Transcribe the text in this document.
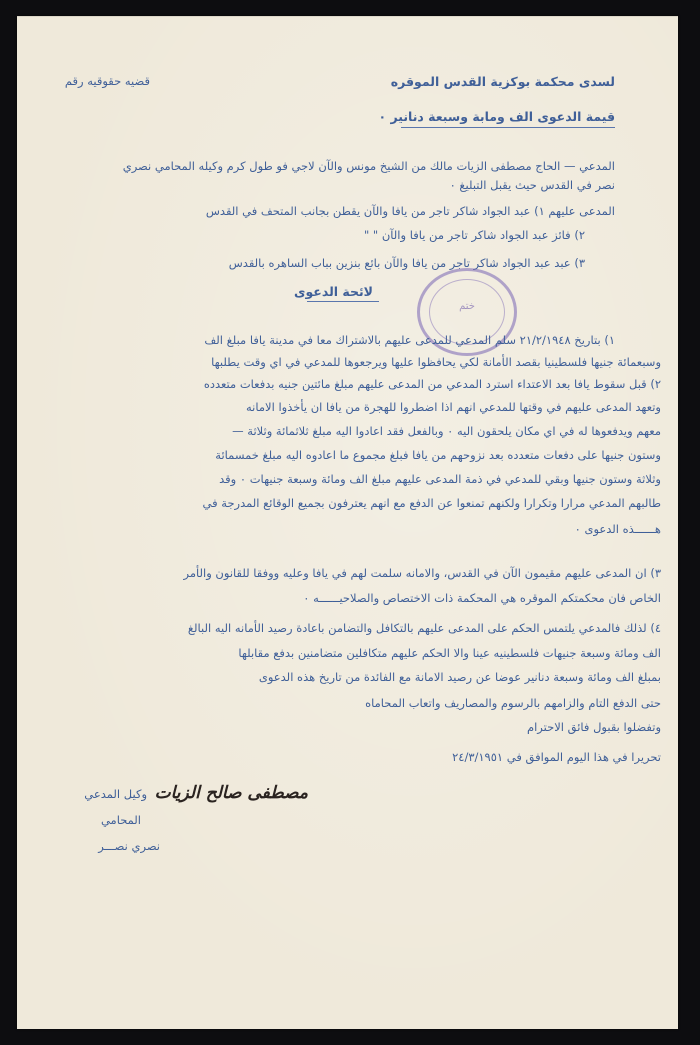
قضيه حقوقيه رقم	لسدى محكمة بوكزية القدس الموقره
قيمة الدعوى الف ومابة وسبعة دنانير ٠
المدعي — الحاج مصطفى الزيات مالك من الشيخ مونس والآن لاجي فو طول كرم وكيله المحامي نصري
نصر في القدس حيث يقبل التبليغ ٠
المدعى عليهم ١) عبد الجواد شاكر تاجر من يافا والآن يقطن بجانب المتحف في القدس
٢) فائز عبد الجواد شاكر تاجر من يافا والآن " "
٣) عبد عبد الجواد شاكر تاجر من يافا والآن بائع بنزين بباب الساهره بالقدس
لائحة الدعوى
ختم
١) بتاريخ ٢١/٢/١٩٤٨ سلم المدعي للمدعى عليهم بالاشتراك معا في مدينة يافا مبلغ الف
وسبعمائة جنيها فلسطينيا بقصد الأمانة لكي يحافظوا عليها ويرجعوها للمدعي في اي وقت يطلبها
٢) قبل سقوط يافا بعد الاعتداء استرد المدعي من المدعى عليهم مبلغ مائتين جنيه بدفعات متعدده
وتعهد المدعى عليهم في وقتها للمدعي انهم اذا اضطروا للهجرة من يافا ان يأخذوا الامانه
معهم ويدفعوها له في اي مكان يلحقون اليه ٠ وبالفعل فقد اعادوا اليه مبلغ ثلاثمائة وثلاثة —
وستون جنيها على دفعات متعدده بعد نزوحهم من يافا فبلغ مجموع ما اعادوه اليه مبلغ خمسمائة
وثلاثة وستون جنيها وبقي للمدعي في ذمة المدعى عليهم مبلغ الف ومائة وسبعة جنيهات ٠ وقد
طالبهم المدعي مرارا وتكرارا ولكنهم تمنعوا عن الدفع مع انهم يعترفون بجميع الوقائع المدرجة في
هــــــذه الدعوى ٠
٣) ان المدعى عليهم مقيمون الآن في القدس، والامانه سلمت لهم في يافا وعليه ووفقا للقانون والأمر
الخاص فان محكمتكم الموقره هي المحكمة ذات الاختصاص والصلاحيــــــه ٠
٤) لذلك فالمدعي يلتمس الحكم على المدعى عليهم بالتكافل والتضامن باعادة رصيد الأمانه اليه البالغ
الف ومائة وسبعة جنيهات فلسطينيه عينا والا الحكم عليهم متكافلين متضامنين بدفع مقابلها
بمبلغ الف ومائة وسبعة دنانير عوضا عن رصيد الامانة مع الفائدة من تاريخ هذه الدعوى
حتى الدفع التام والزامهم بالرسوم والمصاريف واتعاب المحاماه
وتفضلوا بقبول فائق الاحترام
تحريرا في هذا اليوم الموافق في ٢٤/٣/١٩٥١
مصطفى صالح الزيات
وكيل المدعي
المحامي
نصري نصـــر
